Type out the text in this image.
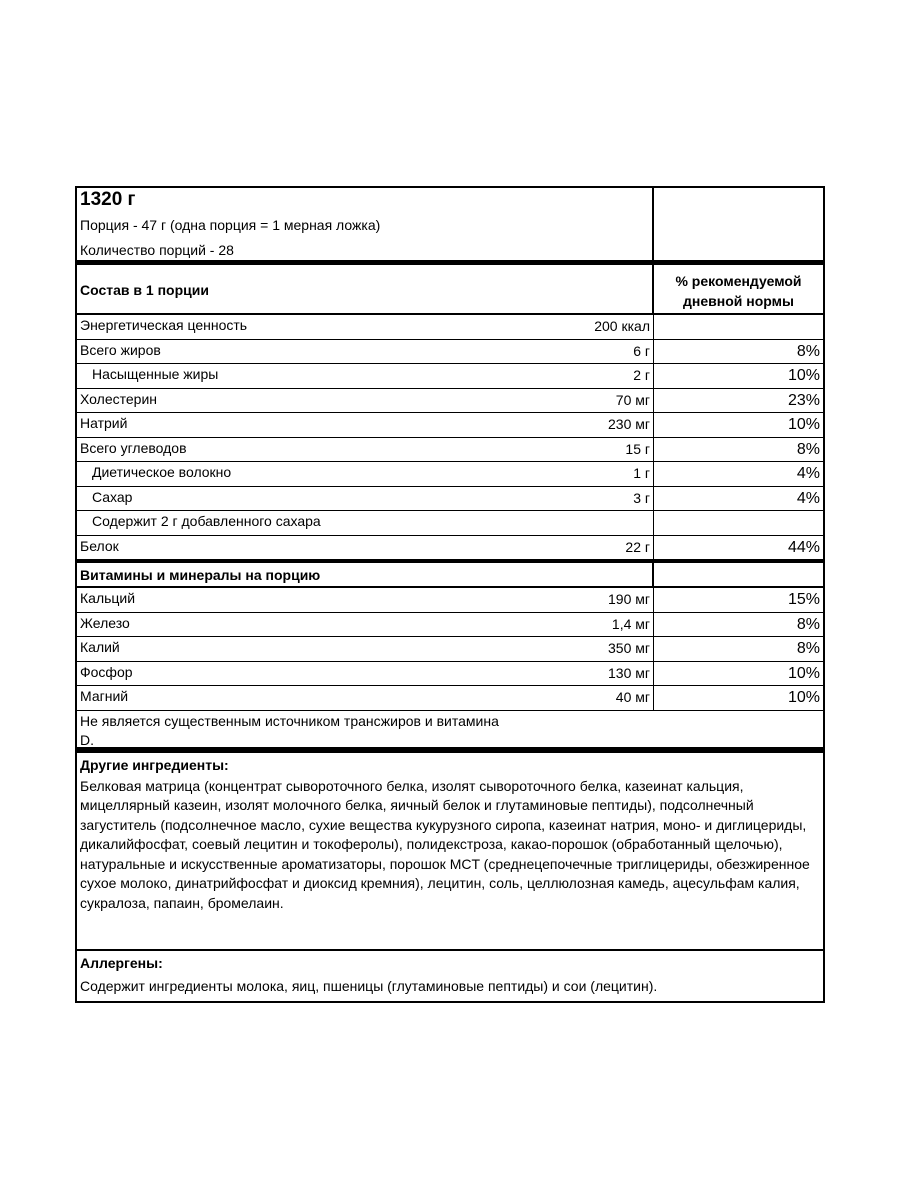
1320 г
Порция - 47 г (одна порция = 1 мерная ложка)
Количество порций - 28
Состав в 1 порции
% рекомендуемой дневной нормы
Энергетическая ценность	200 ккал
Всего жиров	6 г	8%
Насыщенные жиры	2 г	10%
Холестерин	70 мг	23%
Натрий	230 мг	10%
Всего углеводов	15 г	8%
Диетическое волокно	1 г	4%
Сахар	3 г	4%
Содержит 2 г добавленного сахара
Белок	22 г	44%
Витамины и минералы на порцию
Кальций	190 мг	15%
Железо	1,4 мг	8%
Калий	350 мг	8%
Фосфор	130 мг	10%
Магний	40 мг	10%
Не является существенным источником трансжиров и витамина D.
Другие ингредиенты:
Белковая матрица (концентрат сывороточного белка, изолят сывороточного белка, казеинат кальция, мицеллярный казеин, изолят молочного белка, яичный белок и глутаминовые пептиды), подсолнечный загуститель (подсолнечное масло, сухие вещества кукурузного сиропа, казеинат натрия, моно- и диглицериды, дикалийфосфат, соевый лецитин и токоферолы), полидекстроза, какао-порошок (обработанный щелочью), натуральные и искусственные ароматизаторы, порошок MCT (среднецепочечные триглицериды, обезжиренное сухое молоко, динатрийфосфат и диоксид кремния), лецитин, соль, целлюлозная камедь, ацесульфам калия, сукралоза, папаин, бромелаин.
Аллергены:
Содержит ингредиенты молока, яиц, пшеницы (глутаминовые пептиды) и сои (лецитин).
